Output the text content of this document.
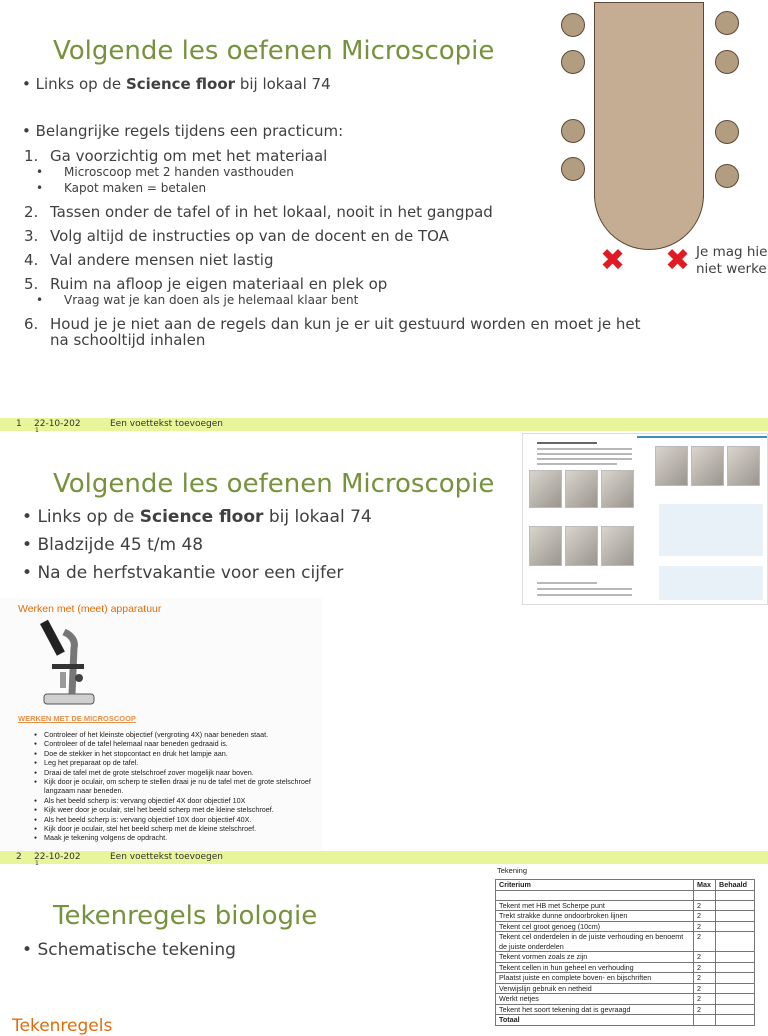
Volgende les oefenen Microscopie
• Links op de Science floor bij lokaal 74
• Belangrijke regels tijdens een practicum:
1. Ga voorzichtig om met het materiaal
• Microscoop met 2 handen vasthouden
• Kapot maken = betalen
2. Tassen onder de tafel of in het lokaal, nooit in het gangpad
3. Volg altijd de instructies op van de docent en de TOA
4. Val andere mensen niet lastig
5. Ruim na afloop je eigen materiaal en plek op
• Vraag wat je kan doen als je helemaal klaar bent
6. Houd je je niet aan de regels dan kun je er uit gestuurd worden en moet je het
na schooltijd inhalen
✖ ✖ Je mag hie
niet werke
1 22-10-202
1
Een voettekst toevoegen
Volgende les oefenen Microscopie
• Links op de Science floor bij lokaal 74
• Bladzijde 45 t/m 48
• Na de herfstvakantie voor een cijfer
Werken met (meet) apparatuur
WERKEN MET DE MICROSCOOP
● Controleer of het kleinste objectief (vergroting 4X) naar beneden staat.
● Controleer of de tafel helemaal naar beneden gedraaid is.
● Doe de stekker in het stopcontact en druk het lampje aan.
● Leg het preparaat op de tafel.
● Draai de tafel met de grote stelschroef zover mogelijk naar boven.
● Kijk door je oculair, om scherp te stellen draai je nu de tafel met de grote stelschroef
langzaam naar beneden.
● Als het beeld scherp is: vervang objectief 4X door objectief 10X
● Kijk weer door je oculair, stel het beeld scherp met de kleine stelschroef.
● Als het beeld scherp is: vervang objectief 10X door objectief 40X.
● Kijk door je oculair, stel het beeld scherp met de kleine stelschroef.
● Maak je tekening volgens de opdracht.
2 22-10-202
1
Een voettekst toevoegen
Tekenregels biologie
• Schematische tekening
Tekenregels
Tekening
Criterium	Max	Behaald

Tekent met HB met Scherpe punt	2	
Trekt strakke dunne ondoorbroken lijnen	2	
Tekent cel groot genoeg (10cm)	2	
Tekent cel onderdelen in de juiste verhouding en benoemt de juiste onderdelen	2	
Tekent vormen zoals ze zijn	2	
Tekent cellen in hun geheel en verhouding	2	
Plaatst juiste en complete boven- en bijschriften	2	
Verwijslijn gebruik en netheid	2	
Werkt netjes	2	
Tekent het soort tekening dat is gevraagd	2	
Totaal		
